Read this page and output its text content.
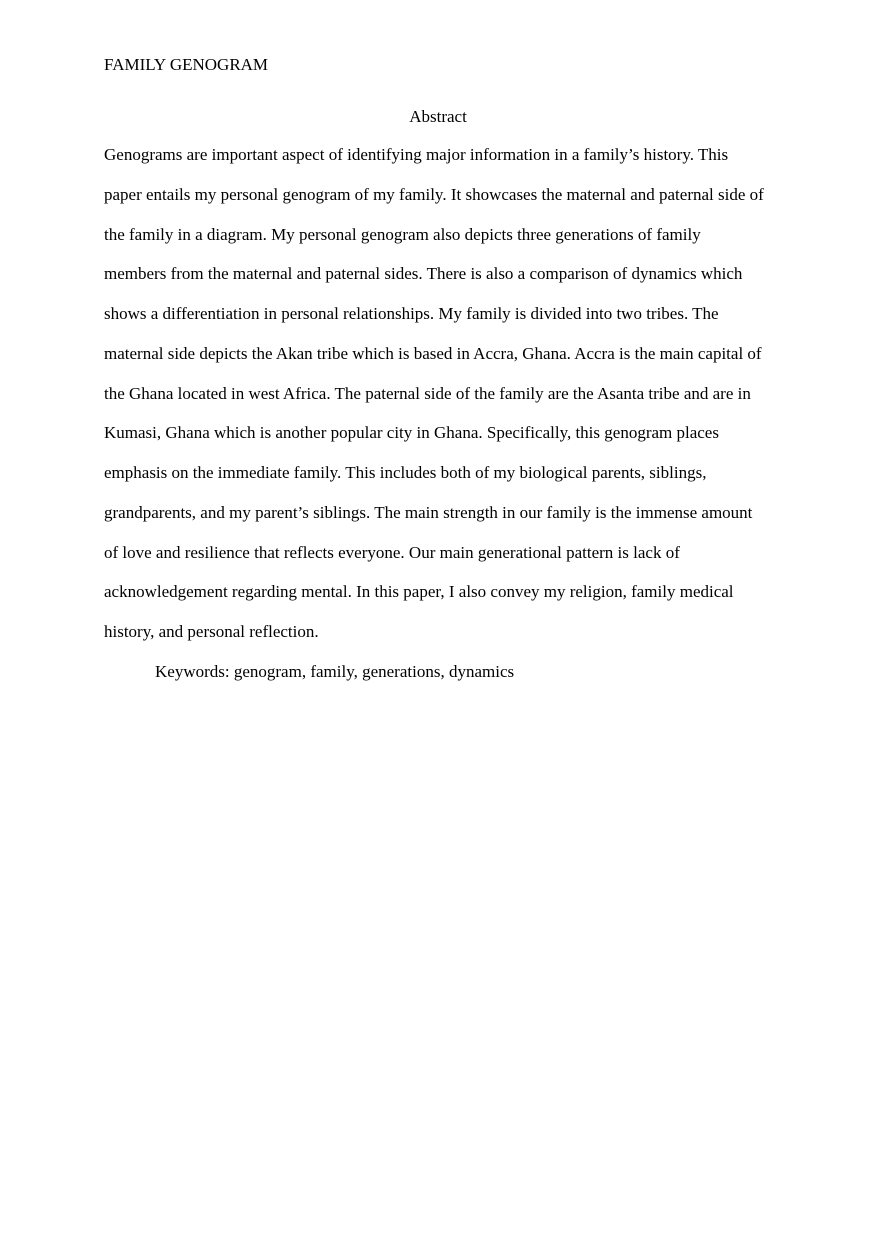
FAMILY GENOGRAM
Abstract
Genograms are important aspect of identifying major information in a family’s history. This
paper entails my personal genogram of my family. It showcases the maternal and paternal side of
the family in a diagram. My personal genogram also depicts three generations of family
members from the maternal and paternal sides. There is also a comparison of dynamics which
shows a differentiation in personal relationships. My family is divided into two tribes. The
maternal side depicts the Akan tribe which is based in Accra, Ghana. Accra is the main capital of
the Ghana located in west Africa. The paternal side of the family are the Asanta tribe and are in
Kumasi, Ghana which is another popular city in Ghana. Specifically, this genogram places
emphasis on the immediate family. This includes both of my biological parents, siblings,
grandparents, and my parent’s siblings. The main strength in our family is the immense amount
of love and resilience that reflects everyone. Our main generational pattern is lack of
acknowledgement regarding mental. In this paper, I also convey my religion, family medical
history, and personal reflection.
Keywords: genogram, family, generations, dynamics
